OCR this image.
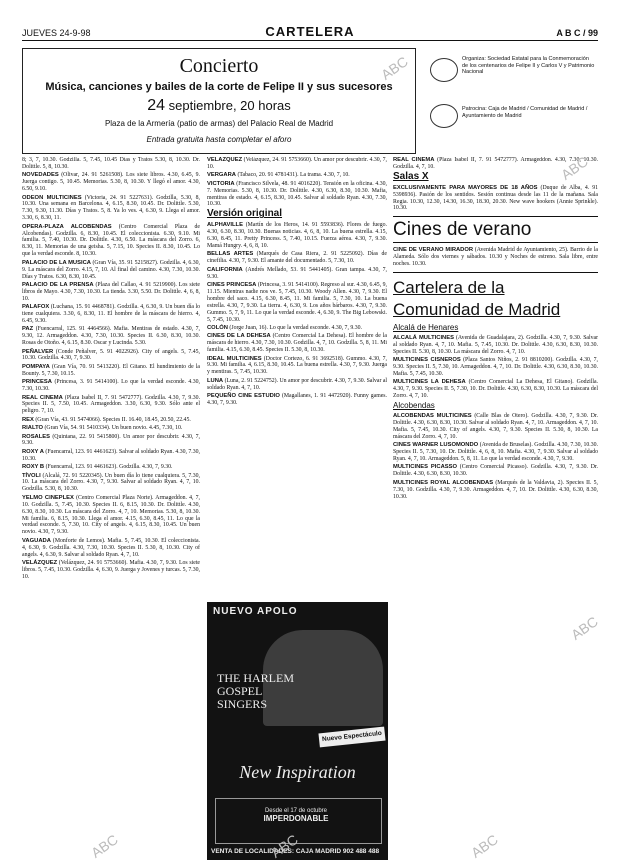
JUEVES 24-9-98	CARTELERA	A B C / 99
Concierto
Música, canciones y bailes de la corte de Felipe II y sus sucesores
24 septiembre, 20 horas
Plaza de la Armería (patio de armas) del Palacio Real de Madrid
Entrada gratuita hasta completar el aforo
Organiza: Sociedad Estatal para la Conmemoración de los centenarios de Felipe II y Carlos V y Patrimonio Nacional
Patrocina: Caja de Madrid / Comunidad de Madrid / Ayuntamiento de Madrid

8; 3, 7, 10.30. Godzilla. 5, 7.45, 10.45 Días y Tratos 5.30, 8, 10.30. Dr. Dolittle. 5, 8, 10.30.

NOVEDADES (Olivar, 24. 91 5261508). Los siete libros. 4.30, 6.45, 9. Juerga contigo. 5, 10.45. Memorias. 5.30, 8, 10.30. Y llegó el amor. 4.30, 6.50, 9.10.

ODEON MULTICINES (Victoria, 24. 91 5227631). Godzilla, 5.30, 8, 10.30. Una semana en Barcelona. 4, 6.15, 8.30, 10.45. Dr. Dolittle. 5.30, 7.30, 9.30, 11.30. Días y Tratos. 5, 8. Ya lo ves. 4, 6.30, 9. Llega el amor. 3.30, 6, 8.30, 11.

OPERA-PLAZA ALCOBENDAS (Centro Comercial Plaza de Alcobendas). Godzilla. 6, 8.30, 10.45. El coleccionista. 6.30, 9.10. Mi familia. 5, 7.40, 10.30. Dr. Dolittle. 4.30, 6.50. La máscara del Zorro. 6, 8.30, 11. Memorias de una geisha. 5, 7.15, 10. Species II. 8.30, 10.45. Lo que la verdad esconde. 8, 10.30.

PALACIO DE LA MUSICA (Gran Vía, 35. 91 5215827). Godzilla. 4, 6.30, 9. La máscara del Zorro. 4.15, 7, 10. Al final del camino. 4.30, 7.30, 10.30. Días y Tratos. 6.30, 8.30, 10.45.

PALACIO DE LA PRENSA (Plaza del Callao, 4. 91 5219900). Los siete libros de Mayo. 4.30, 7.30, 10.30. La tienda. 3.30, 5.50. Dr. Dolittle. 4, 6, 8, 10.

PALAFOX (Luchana, 15. 91 4468781). Godzilla. 4, 6.30, 9. Un buen día lo tiene cualquiera. 3.30, 6, 8.30, 11. El hombre de la máscara de hierro. 4, 6.45, 9.30.

PAZ (Fuencarral, 125. 91 4464566). Mafia. Mentiras de estado. 4.30, 7, 9.30, 12. Armageddon. 4.30, 7.30, 10.30. Species II. 6.30, 8.30, 10.30. Rosas de Otoño. 4, 6.15, 8.30. Oscar y Lucinda. 5.30.

PEÑALVER (Conde Peñalver, 5. 91 4022926). City of angels. 5, 7.45, 10.30. Godzilla. 4.30, 7, 9.30.

POMPAYA (Gran Vía, 70. 91 5413220). El Gitano. El hundimiento de la Bounty. 5, 7.30, 10.15.

PRINCESA (Princesa, 3. 91 5414100). Lo que la verdad esconde. 4.30, 7.30, 10.30.

REAL CINEMA (Plaza Isabel II, 7. 91 5472777). Godzilla. 4.30, 7, 9.30. Species II. 5, 7.50, 10.45. Armageddon. 3.30, 6.30, 9.30. Sólo ante el peligro. 7, 10.

REX (Gran Vía, 43. 91 5474066). Species II. 16.40, 18.45, 20.50, 22.45.

RIALTO (Gran Vía, 54. 91 5410334). Un buen novio. 4.45, 7.30, 10.

ROSALES (Quintana, 22. 91 5415800). Un amor por descubrir. 4.30, 7, 9.30.

ROXY A (Fuencarral, 123. 91 4461623). Salvar al soldado Ryan. 4.30, 7.30, 10.30.

ROXY B (Fuencarral, 123. 91 4461623). Godzilla. 4.30, 7, 9.30.

TÍVOLI (Alcalá, 72. 91 5220345). Un buen día lo tiene cualquiera. 5, 7.30, 10. La máscara del Zorro. 4.30, 7, 9.30. Salvar al soldado Ryan. 4, 7, 10. Godzilla. 5.30, 8, 10.30.

YELMO CINEPLEX (Centro Comercial Plaza Norte). Armageddon. 4, 7, 10. Godzilla. 5, 7.45, 10.30. Species II. 6, 8.15, 10.30. Dr. Dolittle. 4.30, 6.30, 8.30, 10.30. La máscara del Zorro. 4, 7, 10. Memorias. 5.30, 8, 10.30. Mi familia. 6, 8.15, 10.30. Llega el amor. 4.15, 6.30, 8.45, 11. Lo que la verdad esconde. 5, 7.30, 10. City of angels. 4, 6.15, 8.30, 10.45. Un buen novio. 4.30, 7, 9.30.

VAGUADA (Monforte de Lemos). Mafia. 5, 7.45, 10.30. El coleccionista. 4, 6.30, 9. Godzilla. 4.30, 7.30, 10.30. Species II. 5.30, 8, 10.30. City of angels. 4, 6.30, 9. Salvar al soldado Ryan. 4, 7, 10.

VELÁZQUEZ (Velázquez, 24. 91 5753660). Mafia. 4.30, 7, 9.30. Los siete libros. 5, 7.45, 10.30. Godzilla. 4, 6.30, 9. Juerga y Jovenes y turcas. 5, 7.30, 10.

VELÁZQUEZ (Velázquez, 24. 91 5753660). Un amor por descubrir. 4.30, 7, 10.

VERGARA (Tabaco, 20. 91 4781431). La trama. 4.30, 7, 10.

VICTORIA (Francisco Silvela, 48. 91 4016220). Tensión en la oficina. 4.30, 7. Memorias. 5.30, 8, 10.30. Dr. Dolittle. 4.30, 6.30, 8.30, 10.30. Mafia, mentiras de estado. 4, 6.15, 8.30, 10.45. Salvar al soldado Ryan. 4.30, 7.30, 10.30.

Versión original

ALPHAVILLE (Martín de los Heros, 14. 91 5593836). Flores de fuego. 4.30, 6.30, 8.30, 10.30. Buenas noticias. 4, 6, 8, 10. La buena estrella. 4.15, 6.30, 8.45, 11. Pretty Princess. 5, 7.40, 10.15. Fuerza aérea. 4.30, 7, 9.30. Mamá Hungry. 4, 6, 8, 10.

BELLAS ARTES (Marqués de Casa Riera, 2. 91 5225092). Días de cinefilia. 4.30, 7, 9.30. El amante del documentado. 5, 7.30, 10.

CALIFORNIA (Andrés Mellado, 53. 91 5441405). Gran tampa. 4.30, 7, 9.30.

CINES PRINCESA (Princesa, 3. 91 5414100). Regreso al sur. 4.30, 6.45, 9, 11.15. Mientras nadie nos ve. 5, 7.45, 10.30. Woody Allen. 4.30, 7, 9.30. El hombre del saco. 4.15, 6.30, 8.45, 11. Mi familia. 5, 7.30, 10. La buena estrella. 4.30, 7, 9.30. La tierra. 4, 6.30, 9. Los años bárbaros. 4.30, 7, 9.30. Gummo. 5, 7, 9, 11. Lo que la verdad esconde. 4, 6.30, 9. The Big Lebowski. 5, 7.45, 10.30.

COLÓN (Jorge Juan, 16). Lo que la verdad esconde. 4.30, 7, 9.30.

CINES DE LA DEHESA (Centro Comercial La Dehesa). El hombre de la máscara de hierro. 4.30, 7.30, 10.30. Godzilla. 4, 7, 10. Godzilla. 5, 8, 11. Mi familia. 4.15, 6.30, 8.45. Species II. 5.30, 8, 10.30.

IDEAL MULTICINES (Doctor Cortezo, 6. 91 3692518). Gummo. 4.30, 7, 9.30. Mi familia. 4, 6.15, 8.30, 10.45. La buena estrella. 4.30, 7, 9.30. Juerga y mentiras. 5, 7.45, 10.30.

LUNA (Luna, 2. 91 5224752). Un amor por descubrir. 4.30, 7, 9.30. Salvar al soldado Ryan. 4, 7, 10.

PEQUEÑO CINE ESTUDIO (Magallanes, 1. 91 4472920). Funny games. 4.30, 7, 9.30.

REAL CINEMA (Plaza Isabel II, 7. 91 5472777). Armageddon. 4.30, 7.30, 10.30. Godzilla. 4, 7, 10.

Salas X

EXCLUSIVAMENTE PARA MAYORES DE 18 AÑOS (Duque de Alba, 4. 91 5398936). Pasión de los sentidos. Sesión continua desde las 11 de la mañana. Sala Regia. 10.30, 12.30, 14.30, 16.30, 18.30, 20.30. New wave hookers (Annie Sprinkle). 10.30.

Cines de verano

CINE DE VERANO MIRADOR (Avenida Madrid de Ayuntamiento, 25). Barrio de la Alameda. Sólo dos viernes y sábados. 10.30 y Noches de estreno. Sala libre, entre noches. 10.30.

Cartelera de la
Comunidad de Madrid
Alcalá de Henares

ALCALÁ MULTICINES (Avenida de Guadalajara, 2). Godzilla. 4.30, 7, 9.30. Salvar al soldado Ryan. 4, 7, 10. Mafia. 5, 7.45, 10.30. Dr. Dolittle. 4.30, 6.30, 8.30, 10.30. Species II. 5.30, 8, 10.30. La máscara del Zorro. 4, 7, 10.

MULTICINES CISNEROS (Plaza Santos Niños, 2. 91 8810200). Godzilla. 4.30, 7, 9.30. Species II. 5, 7.30, 10. Armageddon. 4, 7, 10. Dr. Dolittle. 4.30, 6.30, 8.30, 10.30. Mafia. 5, 7.45, 10.30.

MULTICINES LA DEHESA (Centro Comercial La Dehesa, El Gitano). Godzilla. 4.30, 7, 9.30. Species II. 5, 7.30, 10. Dr. Dolittle. 4.30, 6.30, 8.30, 10.30. La máscara del Zorro. 4, 7, 10.

Alcobendas

ALCOBENDAS MULTICINES (Calle Blas de Otero). Godzilla. 4.30, 7, 9.30. Dr. Dolittle. 4.30, 6.30, 8.30, 10.30. Salvar al soldado Ryan. 4, 7, 10. Armageddon. 4, 7, 10. Mafia. 5, 7.45, 10.30. City of angels. 4.30, 7, 9.30. Species II. 5.30, 8, 10.30. La máscara del Zorro. 4, 7, 10.

CINES WARNER LUSOMONDO (Avenida de Bruselas). Godzilla. 4.30, 7.30, 10.30. Species II. 5, 7.30, 10. Dr. Dolittle. 4, 6, 8, 10. Mafia. 4.30, 7, 9.30. Salvar al soldado Ryan. 4, 7, 10. Armageddon. 5, 8, 11. Lo que la verdad esconde. 4.30, 7, 9.30.

MULTICINES PICASSO (Centro Comercial Picasso). Godzilla. 4.30, 7, 9.30. Dr. Dolittle. 4.30, 6.30, 8.30, 10.30.

MULTICINES ROYAL ALCOBENDAS (Marqués de la Valdavia, 2). Species II. 5, 7.30, 10. Godzilla. 4.30, 7, 9.30. Armageddon. 4, 7, 10. Dr. Dolittle. 4.30, 6.30, 8.30, 10.30.

NUEVO APOLO
THE HARLEM GOSPEL SINGERS
Nuevo Espectáculo
New Inspiration
Desde el 17 de octubre
IMPERDONABLE
VENTA DE LOCALIDADES: CAJA MADRID 902 488 488
ABC	ABC	ABC
ABC
ABC
ABC
